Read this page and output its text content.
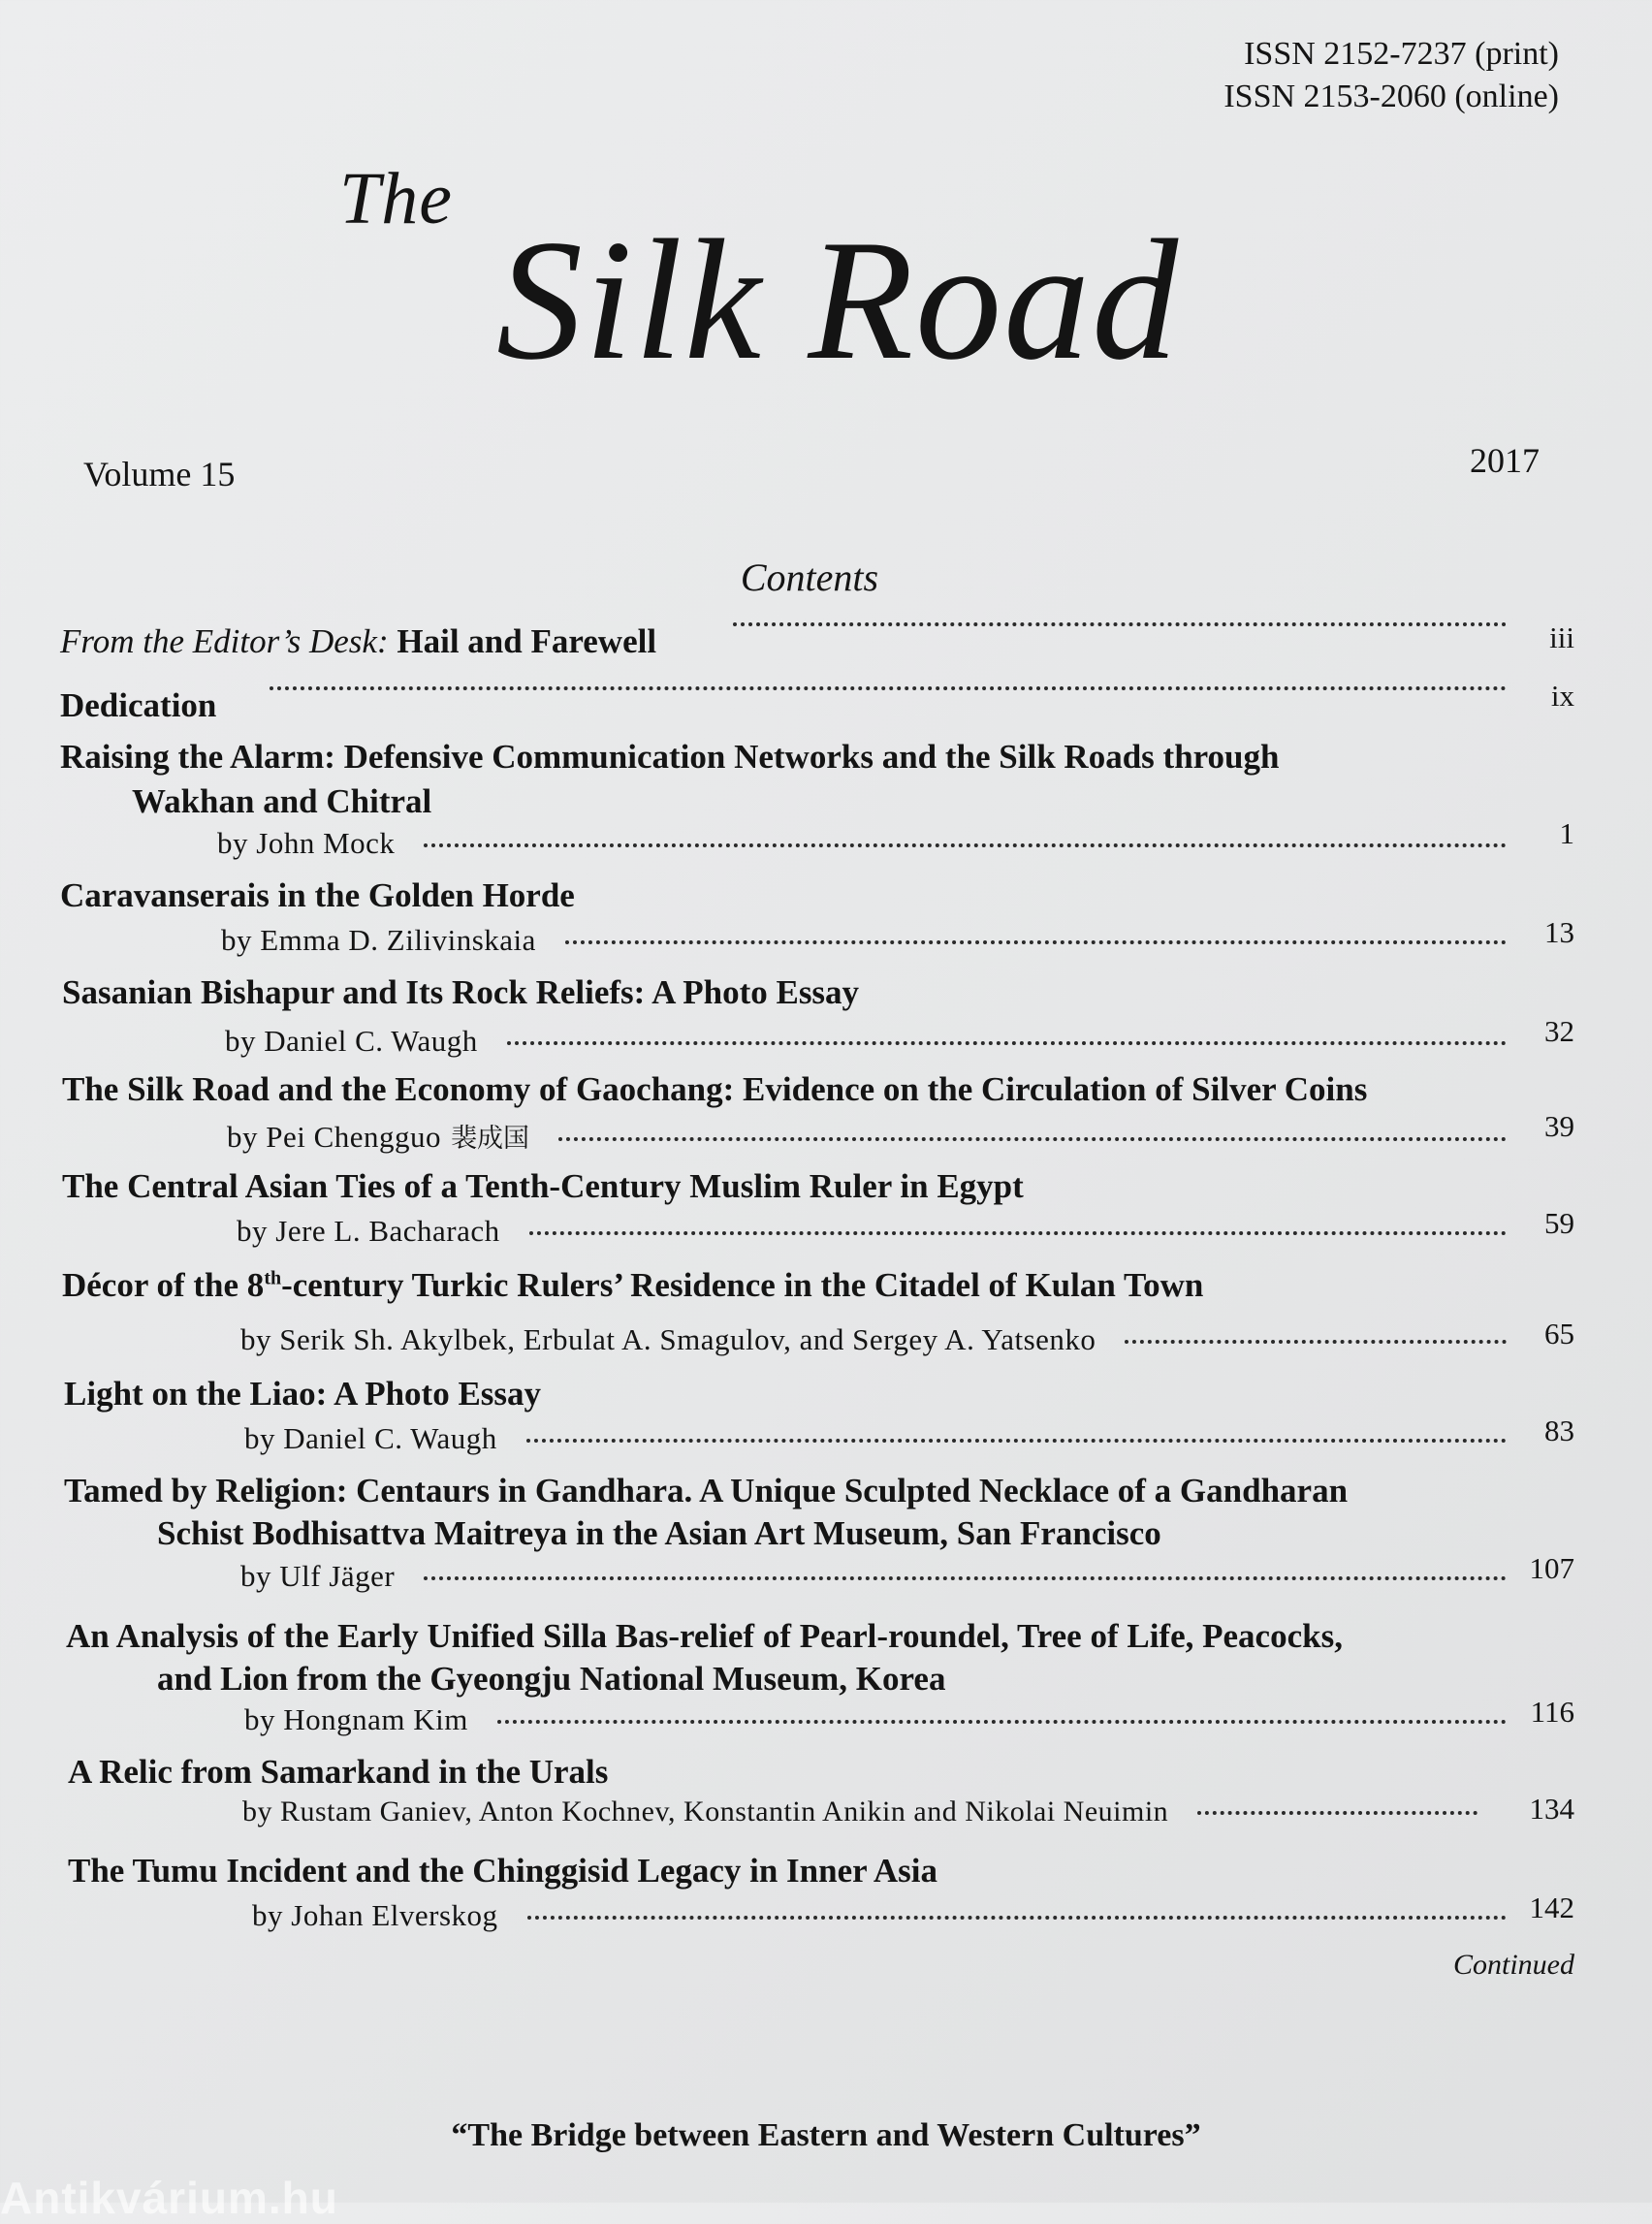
ISSN 2152-7237 (print)
ISSN 2153-2060 (online)
The
Silk Road
Volume 15	2017
Contents
From the Editor’s Desk: Hail and Farewell	iii
Dedication	ix
Raising the Alarm: Defensive Communication Networks and the Silk Roads through
Wakhan and Chitral
by John Mock	1
Caravanserais in the Golden Horde
by Emma D. Zilivinskaia	13
Sasanian Bishapur and Its Rock Reliefs: A Photo Essay
by Daniel C. Waugh	32
The Silk Road and the Economy of Gaochang: Evidence on the Circulation of Silver Coins
by Pei Chengguo 裴成国	39
The Central Asian Ties of a Tenth-Century Muslim Ruler in Egypt
by Jere L. Bacharach	59
Décor of the 8th-century Turkic Rulers’ Residence in the Citadel of Kulan Town
by Serik Sh. Akylbek, Erbulat A. Smagulov, and Sergey A. Yatsenko	65
Light on the Liao: A Photo Essay
by Daniel C. Waugh	83
Tamed by Religion: Centaurs in Gandhara. A Unique Sculpted Necklace of a Gandharan
Schist Bodhisattva Maitreya in the Asian Art Museum, San Francisco
by Ulf Jäger	107
An Analysis of the Early Unified Silla Bas-relief of Pearl-roundel, Tree of Life, Peacocks,
and Lion from the Gyeongju National Museum, Korea
by Hongnam Kim	116
A Relic from Samarkand in the Urals
by Rustam Ganiev, Anton Kochnev, Konstantin Anikin and Nikolai Neuimin	134
The Tumu Incident and the Chinggisid Legacy in Inner Asia
by Johan Elverskog	142
Continued
“The Bridge between Eastern and Western Cultures”
Antikvárium.hu
